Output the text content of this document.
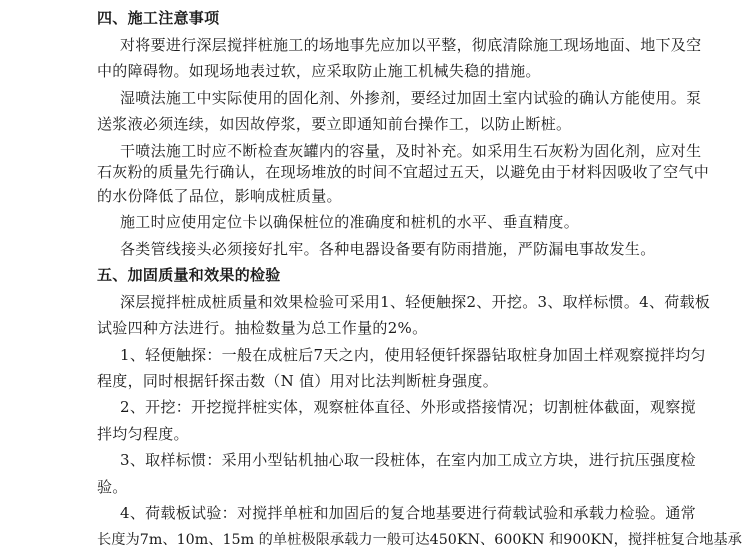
四、施工注意事项
对将要进行深层搅拌桩施工的场地事先应加以平整，彻底清除施工现场地面、地下及空
中的障碍物。如现场地表过软，应采取防止施工机械失稳的措施。
湿喷法施工中实际使用的固化剂、外掺剂，要经过加固土室内试验的确认方能使用。泵
送浆液必须连续，如因故停浆，要立即通知前台操作工，以防止断桩。
干喷法施工时应不断检查灰罐内的容量，及时补充。如采用生石灰粉为固化剂，应对生
石灰粉的质量先行确认，在现场堆放的时间不宜超过五天，以避免由于材料因吸收了空气中
的水份降低了品位，影响成桩质量。
施工时应使用定位卡以确保桩位的准确度和桩机的水平、垂直精度。
各类管线接头必须接好扎牢。各种电器设备要有防雨措施，严防漏电事故发生。
五、加固质量和效果的检验
深层搅拌桩成桩质量和效果检验可采用1、轻便触探2、开挖。3、取样标惯。4、荷载板
试验四种方法进行。抽检数量为总工作量的2%。
1、轻便触探：一般在成桩后7天之内，使用轻便钎探器钻取桩身加固土样观察搅拌均匀
程度，同时根据钎探击数（N 值）用对比法判断桩身强度。
2、开挖：开挖搅拌桩实体，观察桩体直径、外形或搭接情况；切割桩体截面，观察搅
拌均匀程度。
3、取样标惯：采用小型钻机抽心取一段桩体，在室内加工成立方块，进行抗压强度检
验。
4、荷载板试验：对搅拌单桩和加固后的复合地基要进行荷载试验和承载力检验。通常
长度为7m、10m、15m 的单桩极限承载力一般可达450KN、600KN 和900KN，搅拌桩复合地基承
